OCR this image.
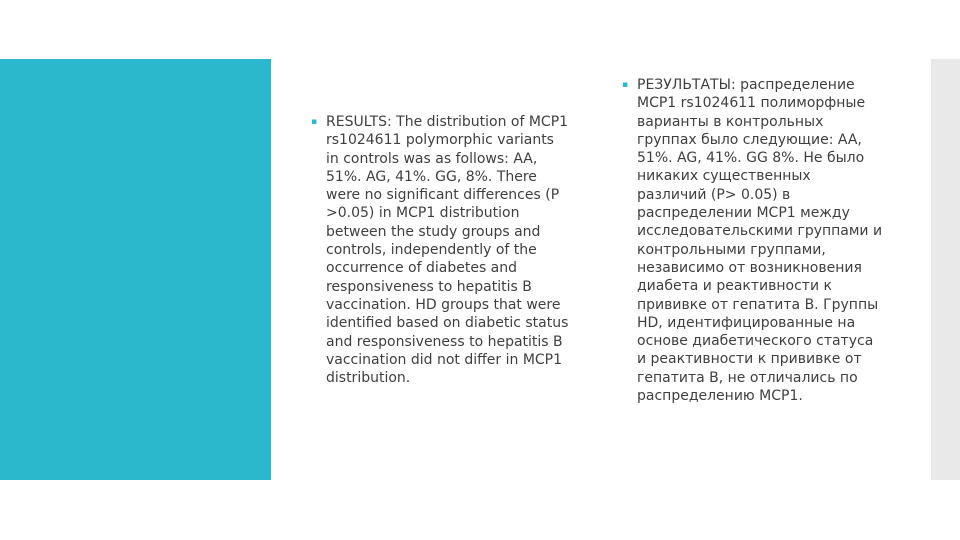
▪ RESULTS: The distribution of MCP1 rs1024611 polymorphic variants in controls was as follows: AA, 51%. AG, 41%. GG, 8%. There were no significant differences (P >0.05) in MCP1 distribution between the study groups and controls, independently of the occurrence of diabetes and responsiveness to hepatitis B vaccination. HD groups that were identified based on diabetic status and responsiveness to hepatitis B vaccination did not differ in MCP1 distribution.
▪ РЕЗУЛЬТАТЫ: распределение MCP1 rs1024611 полиморфные варианты в контрольных группах было следующие: AA, 51%. AG, 41%. GG 8%. Не было никаких существенных различий (P> 0.05) в распределении MCP1 между исследовательскими группами и контрольными группами, независимо от возникновения диабета и реактивности к прививке от гепатита B. Группы HD, идентифицированные на основе диабетического статуса и реактивности к прививке от гепатита B, не отличались по распределению MCP1.
